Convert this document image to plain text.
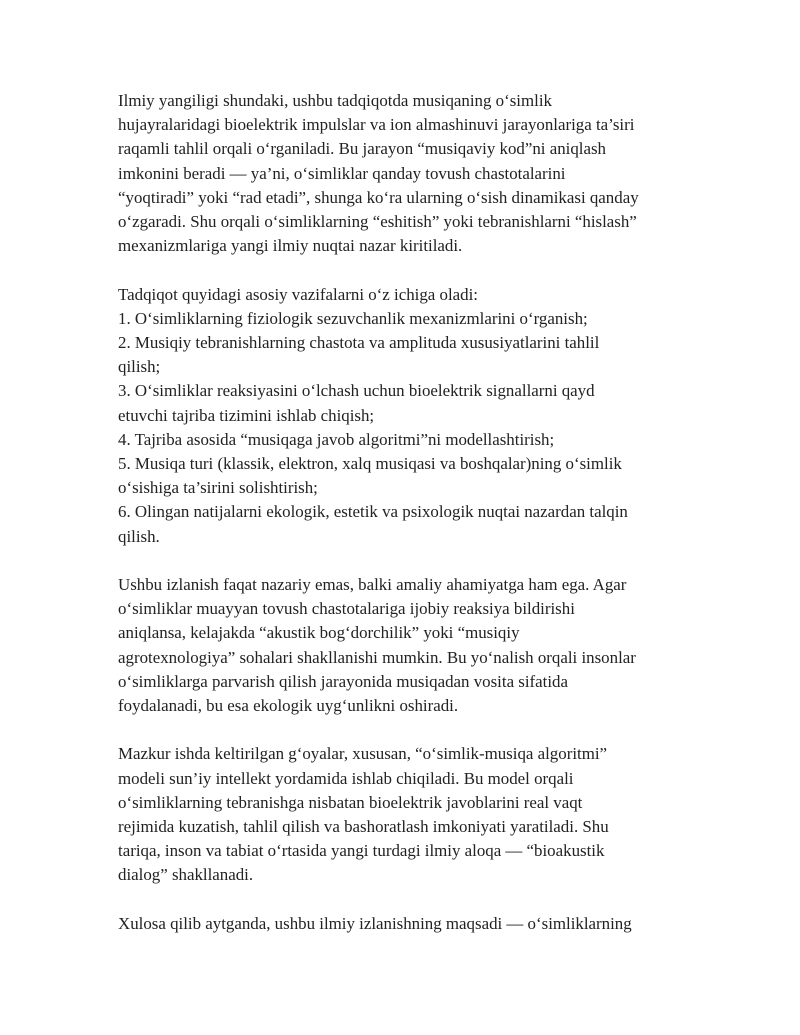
Ilmiy yangiligi shundaki, ushbu tadqiqotda musiqaning o‘simlik
hujayralaridagi bioelektrik impulslar va ion almashinuvi jarayonlariga ta’siri
raqamli tahlil orqali o‘rganiladi. Bu jarayon “musiqaviy kod”ni aniqlash
imkonini beradi — ya’ni, o‘simliklar qanday tovush chastotalarini
“yoqtiradi” yoki “rad etadi”, shunga ko‘ra ularning o‘sish dinamikasi qanday
o‘zgaradi. Shu orqali o‘simliklarning “eshitish” yoki tebranishlarni “hislash”
mexanizmlariga yangi ilmiy nuqtai nazar kiritiladi.

Tadqiqot quyidagi asosiy vazifalarni o‘z ichiga oladi:
1. O‘simliklarning fiziologik sezuvchanlik mexanizmlarini o‘rganish;
2. Musiqiy tebranishlarning chastota va amplituda xususiyatlarini tahlil
qilish;
3. O‘simliklar reaksiyasini o‘lchash uchun bioelektrik signallarni qayd
etuvchi tajriba tizimini ishlab chiqish;
4. Tajriba asosida “musiqaga javob algoritmi”ni modellashtirish;
5. Musiqa turi (klassik, elektron, xalq musiqasi va boshqalar)ning o‘simlik
o‘sishiga ta’sirini solishtirish;
6. Olingan natijalarni ekologik, estetik va psixologik nuqtai nazardan talqin
qilish.

Ushbu izlanish faqat nazariy emas, balki amaliy ahamiyatga ham ega. Agar
o‘simliklar muayyan tovush chastotalariga ijobiy reaksiya bildirishi
aniqlansa, kelajakda “akustik bog‘dorchilik” yoki “musiqiy
agrotexnologiya” sohalari shakllanishi mumkin. Bu yo‘nalish orqali insonlar
o‘simliklarga parvarish qilish jarayonida musiqadan vosita sifatida
foydalanadi, bu esa ekologik uyg‘unlikni oshiradi.

Mazkur ishda keltirilgan g‘oyalar, xususan, “o‘simlik-musiqa algoritmi”
modeli sun’iy intellekt yordamida ishlab chiqiladi. Bu model orqali
o‘simliklarning tebranishga nisbatan bioelektrik javoblarini real vaqt
rejimida kuzatish, tahlil qilish va bashoratlash imkoniyati yaratiladi. Shu
tariqa, inson va tabiat o‘rtasida yangi turdagi ilmiy aloqa — “bioakustik
dialog” shakllanadi.

Xulosa qilib aytganda, ushbu ilmiy izlanishning maqsadi — o‘simliklarning
